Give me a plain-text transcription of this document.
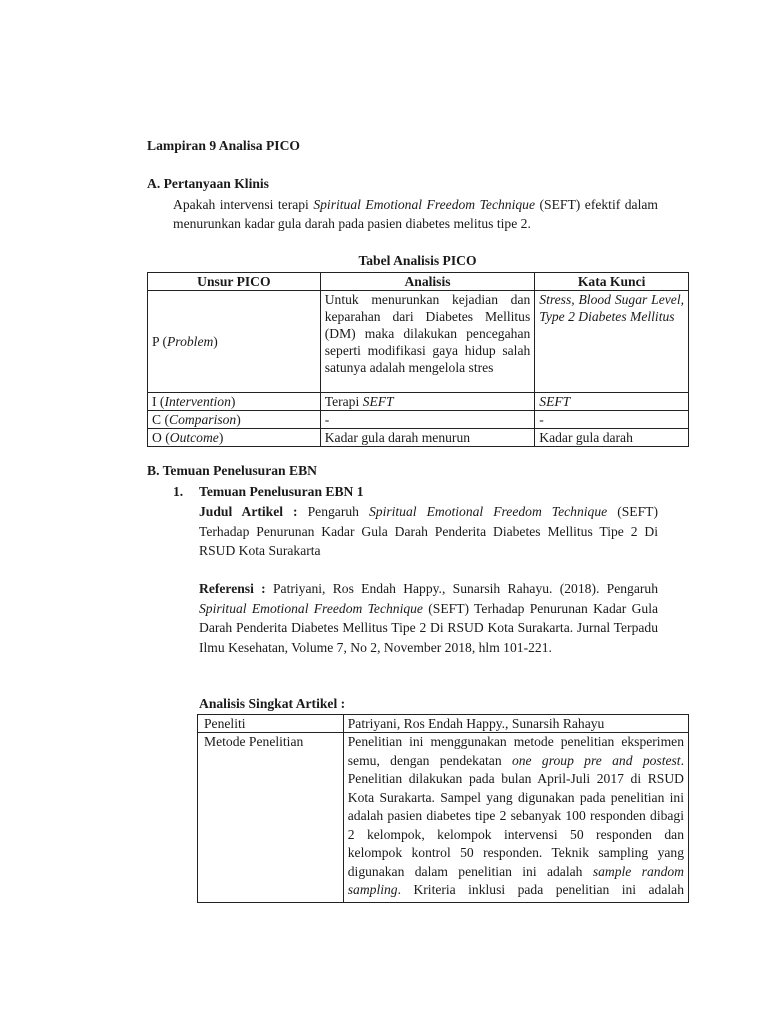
Lampiran 9 Analisa PICO
A. Pertanyaan Klinis
Apakah intervensi terapi Spiritual Emotional Freedom Technique (SEFT) efektif dalam menurunkan kadar gula darah pada pasien diabetes melitus tipe 2.
Tabel Analisis PICO
Unsur PICO	Analisis	Kata Kunci
P (Problem)	Untuk menurunkan kejadian dan keparahan dari Diabetes Mellitus (DM) maka dilakukan pencegahan seperti modifikasi gaya hidup salah satunya adalah mengelola stres	Stress, Blood Sugar Level, Type 2 Diabetes Mellitus
I (Intervention)	Terapi SEFT	SEFT
C (Comparison)	-	-
O (Outcome)	Kadar gula darah menurun	Kadar gula darah
B. Temuan Penelusuran EBN
1. Temuan Penelusuran EBN 1
Judul Artikel : Pengaruh Spiritual Emotional Freedom Technique (SEFT) Terhadap Penurunan Kadar Gula Darah Penderita Diabetes Mellitus Tipe 2 Di RSUD Kota Surakarta
Referensi : Patriyani, Ros Endah Happy., Sunarsih Rahayu. (2018). Pengaruh Spiritual Emotional Freedom Technique (SEFT) Terhadap Penurunan Kadar Gula Darah Penderita Diabetes Mellitus Tipe 2 Di RSUD Kota Surakarta. Jurnal Terpadu Ilmu Kesehatan, Volume 7, No 2, November 2018, hlm 101-221.
Analisis Singkat Artikel :
Peneliti	Patriyani, Ros Endah Happy., Sunarsih Rahayu
Metode Penelitian	Penelitian ini menggunakan metode penelitian eksperimen semu, dengan pendekatan one group pre and postest. Penelitian dilakukan pada bulan April-Juli 2017 di RSUD Kota Surakarta. Sampel yang digunakan pada penelitian ini adalah pasien diabetes tipe 2 sebanyak 100 responden dibagi 2 kelompok, kelompok intervensi 50 responden dan kelompok kontrol 50 responden. Teknik sampling yang digunakan dalam penelitian ini adalah sample random sampling. Kriteria inklusi pada penelitian ini adalah
